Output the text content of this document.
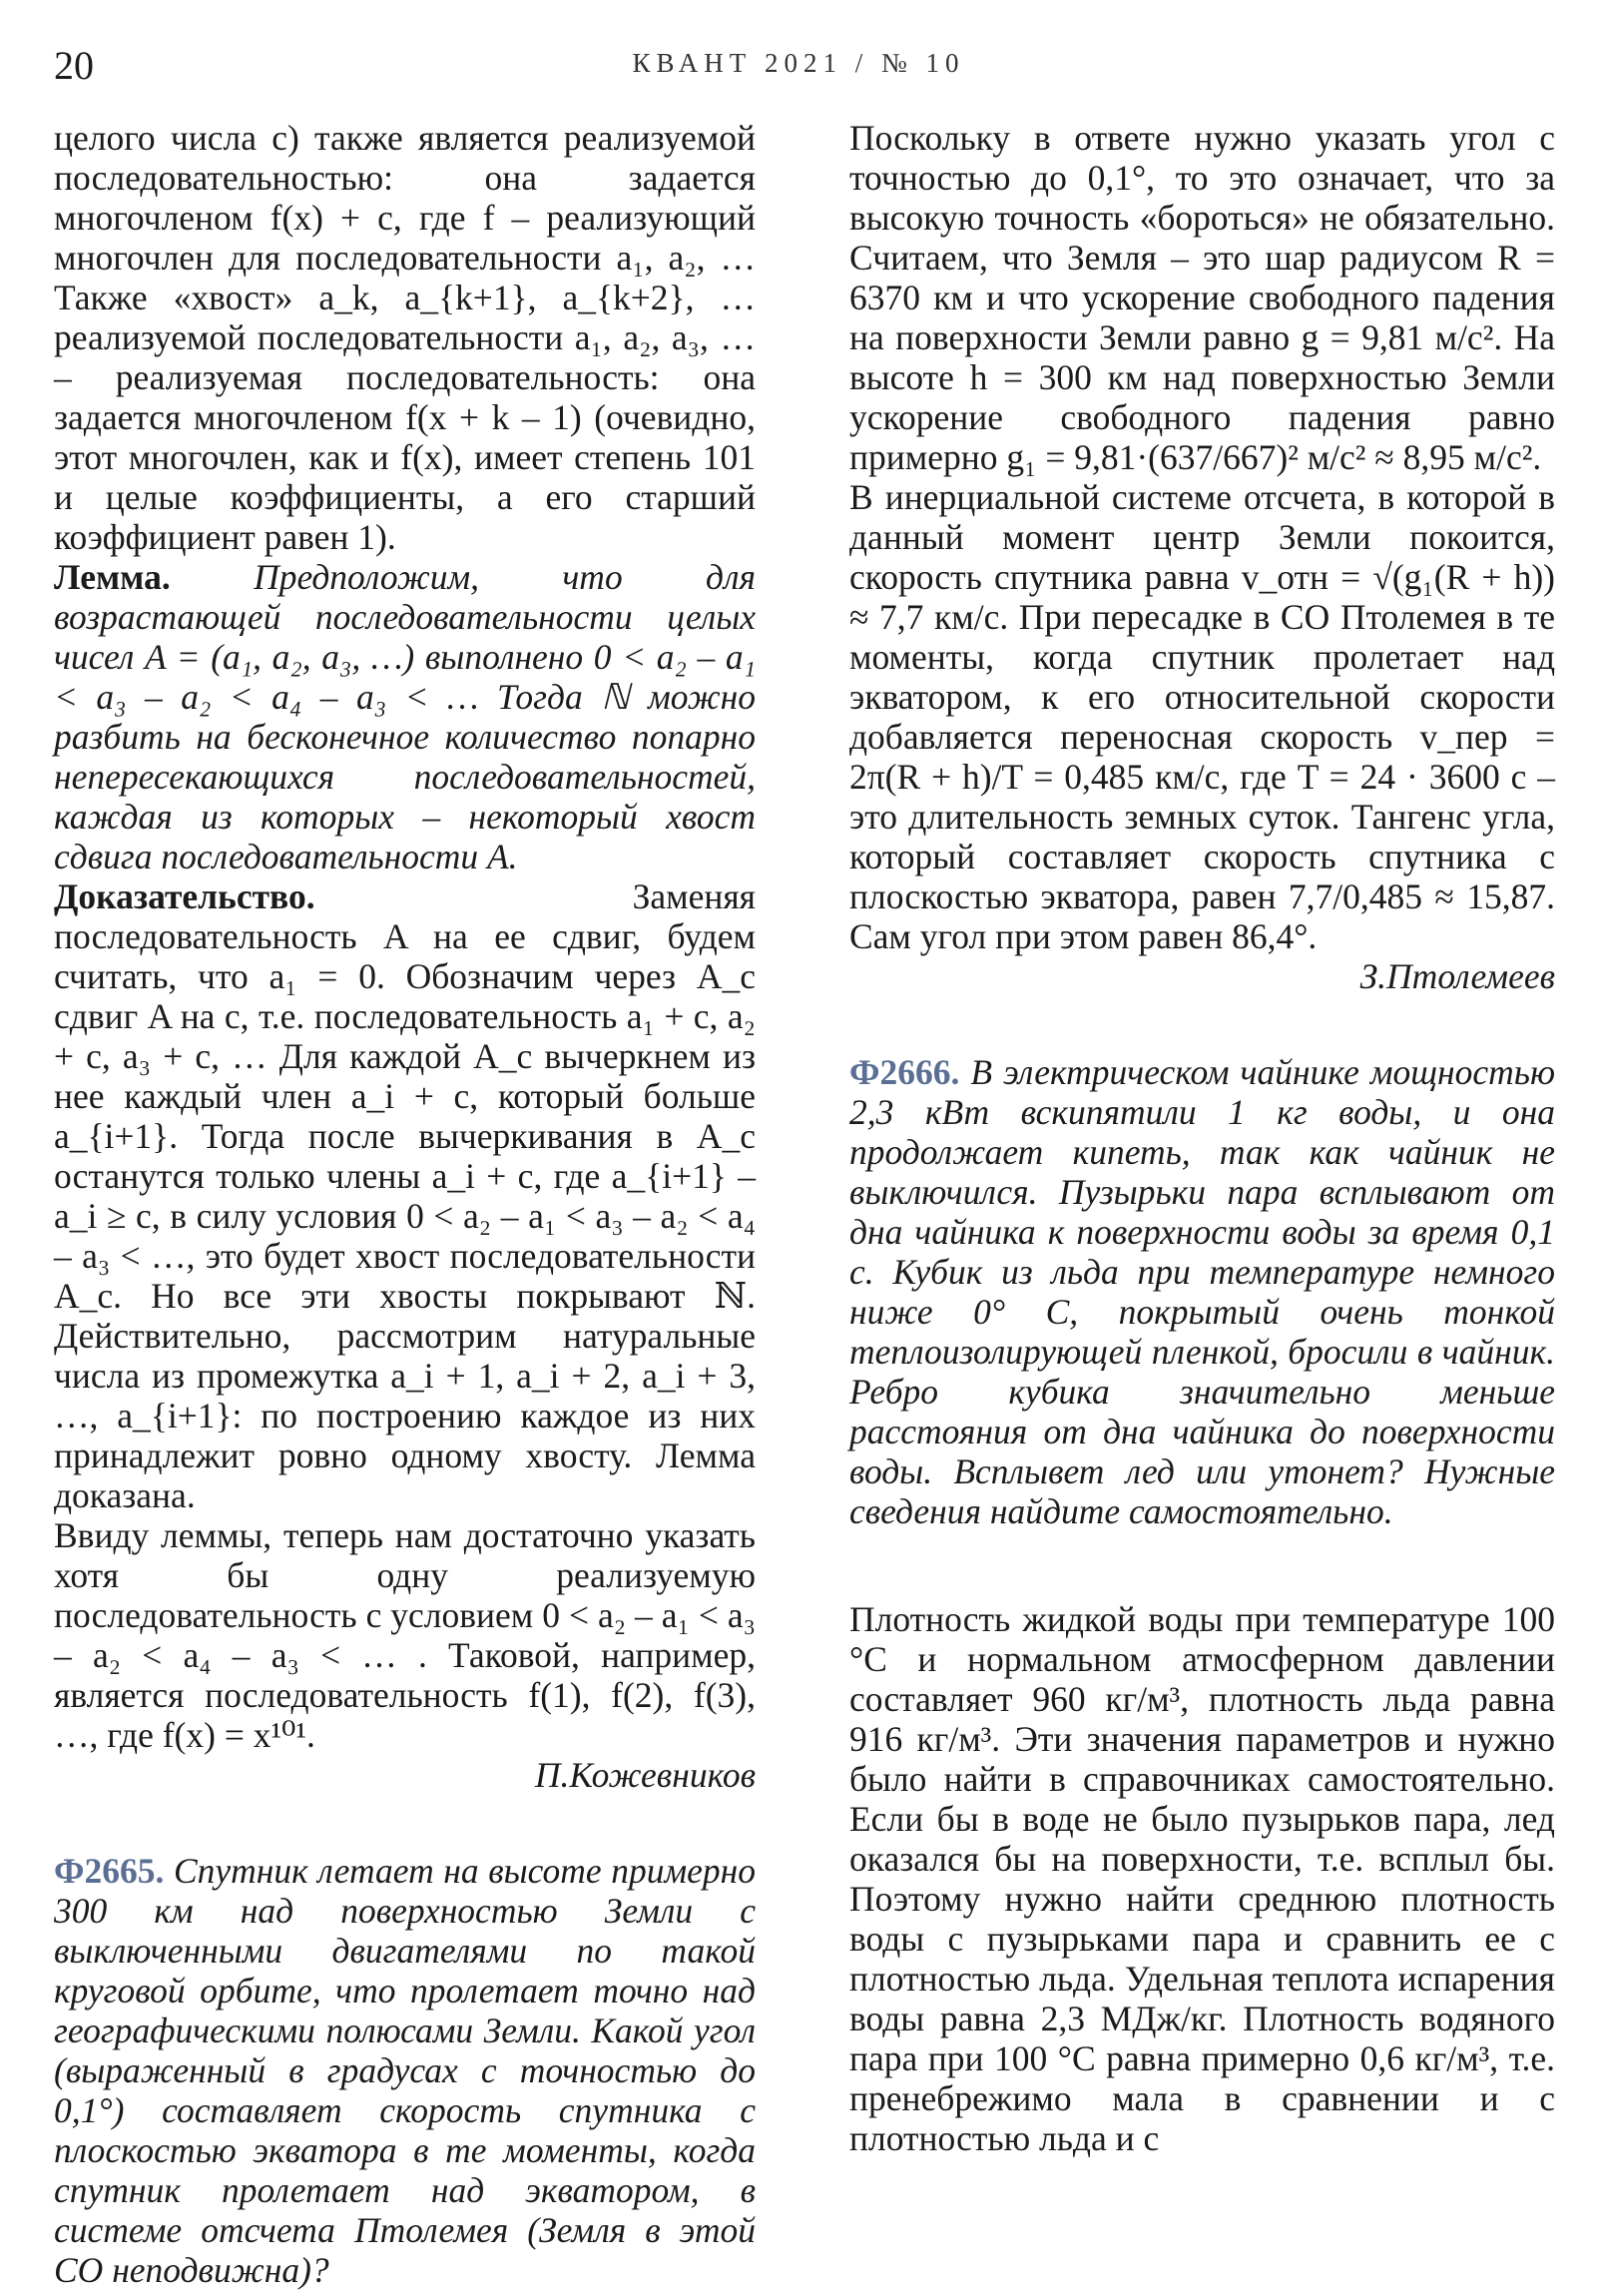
20	КВАНТ 2021 / № 10

целого числа c) также является реализуемой последовательностью: она задается многочленом f(x) + c, где f – реализующий многочлен для последовательности a₁, a₂, … Также «хвост» a_k, a_{k+1}, a_{k+2}, … реализуемой последовательности a₁, a₂, a₃, … – реализуемая последовательность: она задается многочленом f(x + k – 1) (очевидно, этот многочлен, как и f(x), имеет степень 101 и целые коэффициенты, а его старший коэффициент равен 1).

Лемма. Предположим, что для возрастающей последовательности целых чисел A = (a₁, a₂, a₃, …) выполнено 0 < a₂ – a₁ < a₃ – a₂ < a₄ – a₃ < … Тогда ℕ можно разбить на бесконечное количество попарно непересекающихся последовательностей, каждая из которых – некоторый хвост сдвига последовательности A.

Доказательство.	Заменяя последовательность A на ее сдвиг, будем считать, что a₁ = 0. Обозначим через A_c сдвиг A на c, т.е. последовательность a₁ + c, a₂ + c, a₃ + c, … Для каждой A_c вычеркнем из нее каждый член a_i + c, который больше a_{i+1}. Тогда после вычеркивания в A_c останутся только члены a_i + c, где a_{i+1} – a_i ≥ c, в силу условия 0 < a₂ – a₁ < a₃ – a₂ < a₄ – a₃ < …, это будет хвост последовательности A_c. Но все эти хвосты покрывают ℕ. Действительно, рассмотрим натуральные числа из промежутка a_i + 1, a_i + 2, a_i + 3, …, a_{i+1}: по построению каждое из них принадлежит ровно одному хвосту. Лемма доказана.

Ввиду леммы, теперь нам достаточно указать хотя бы одну реализуемую последовательность с условием 0 < a₂ – a₁ < a₃ – a₂ < a₄ – a₃ < … . Таковой, например, является последовательность f(1), f(2), f(3), …, где f(x) = x¹⁰¹.

П.Кожевников

Ф2665. Спутник летает на высоте примерно 300 км над поверхностью Земли с выключенными двигателями по такой круговой орбите, что пролетает точно над географическими полюсами Земли. Какой угол (выраженный в градусах с точностью до 0,1°) составляет скорость спутника с плоскостью экватора в те моменты, когда спутник пролетает над экватором, в системе отсчета Птолемея (Земля в этой СО неподвижна)?

Поскольку в ответе нужно указать угол с точностью до 0,1°, то это означает, что за высокую точность «бороться» не обязательно. Считаем, что Земля – это шар радиусом R = 6370 км и что ускорение свободного падения на поверхности Земли равно g = 9,81 м/с². На высоте h = 300 км над поверхностью Земли ускорение свободного падения равно примерно g₁ = 9,81·(637/667)² м/с² ≈ 8,95 м/с².

В инерциальной системе отсчета, в которой в данный момент центр Земли покоится, скорость спутника равна v_отн = √(g₁(R + h)) ≈ 7,7 км/с. При пересадке в СО Птолемея в те моменты, когда спутник пролетает над экватором, к его относительной скорости добавляется переносная скорость v_пер = 2π(R + h)/T = 0,485 км/с, где T = 24 · 3600 с – это длительность земных суток. Тангенс угла, который составляет скорость спутника с плоскостью экватора, равен 7,7/0,485 ≈ 15,87. Сам угол при этом равен 86,4°.

З.Птолемеев

Ф2666. В электрическом чайнике мощностью 2,3 кВт вскипятили 1 кг воды, и она продолжает кипеть, так как чайник не выключился. Пузырьки пара всплывают от дна чайника к поверхности воды за время 0,1 с. Кубик из льда при температуре немного ниже 0° C, покрытый очень тонкой теплоизолирующей пленкой, бросили в чайник. Ребро кубика значительно меньше расстояния от дна чайника до поверхности воды. Всплывет лед или утонет? Нужные сведения найдите самостоятельно.

Плотность жидкой воды при температуре 100 °С и нормальном атмосферном давлении составляет 960 кг/м³, плотность льда равна 916 кг/м³. Эти значения параметров и нужно было найти в справочниках самостоятельно. Если бы в воде не было пузырьков пара, лед оказался бы на поверхности, т.е. всплыл бы. Поэтому нужно найти среднюю плотность воды с пузырьками пара и сравнить ее с плотностью льда. Удельная теплота испарения воды равна 2,3 МДж/кг. Плотность водяного пара при 100 °С равна примерно 0,6 кг/м³, т.е. пренебрежимо мала в сравнении и с плотностью льда и с
